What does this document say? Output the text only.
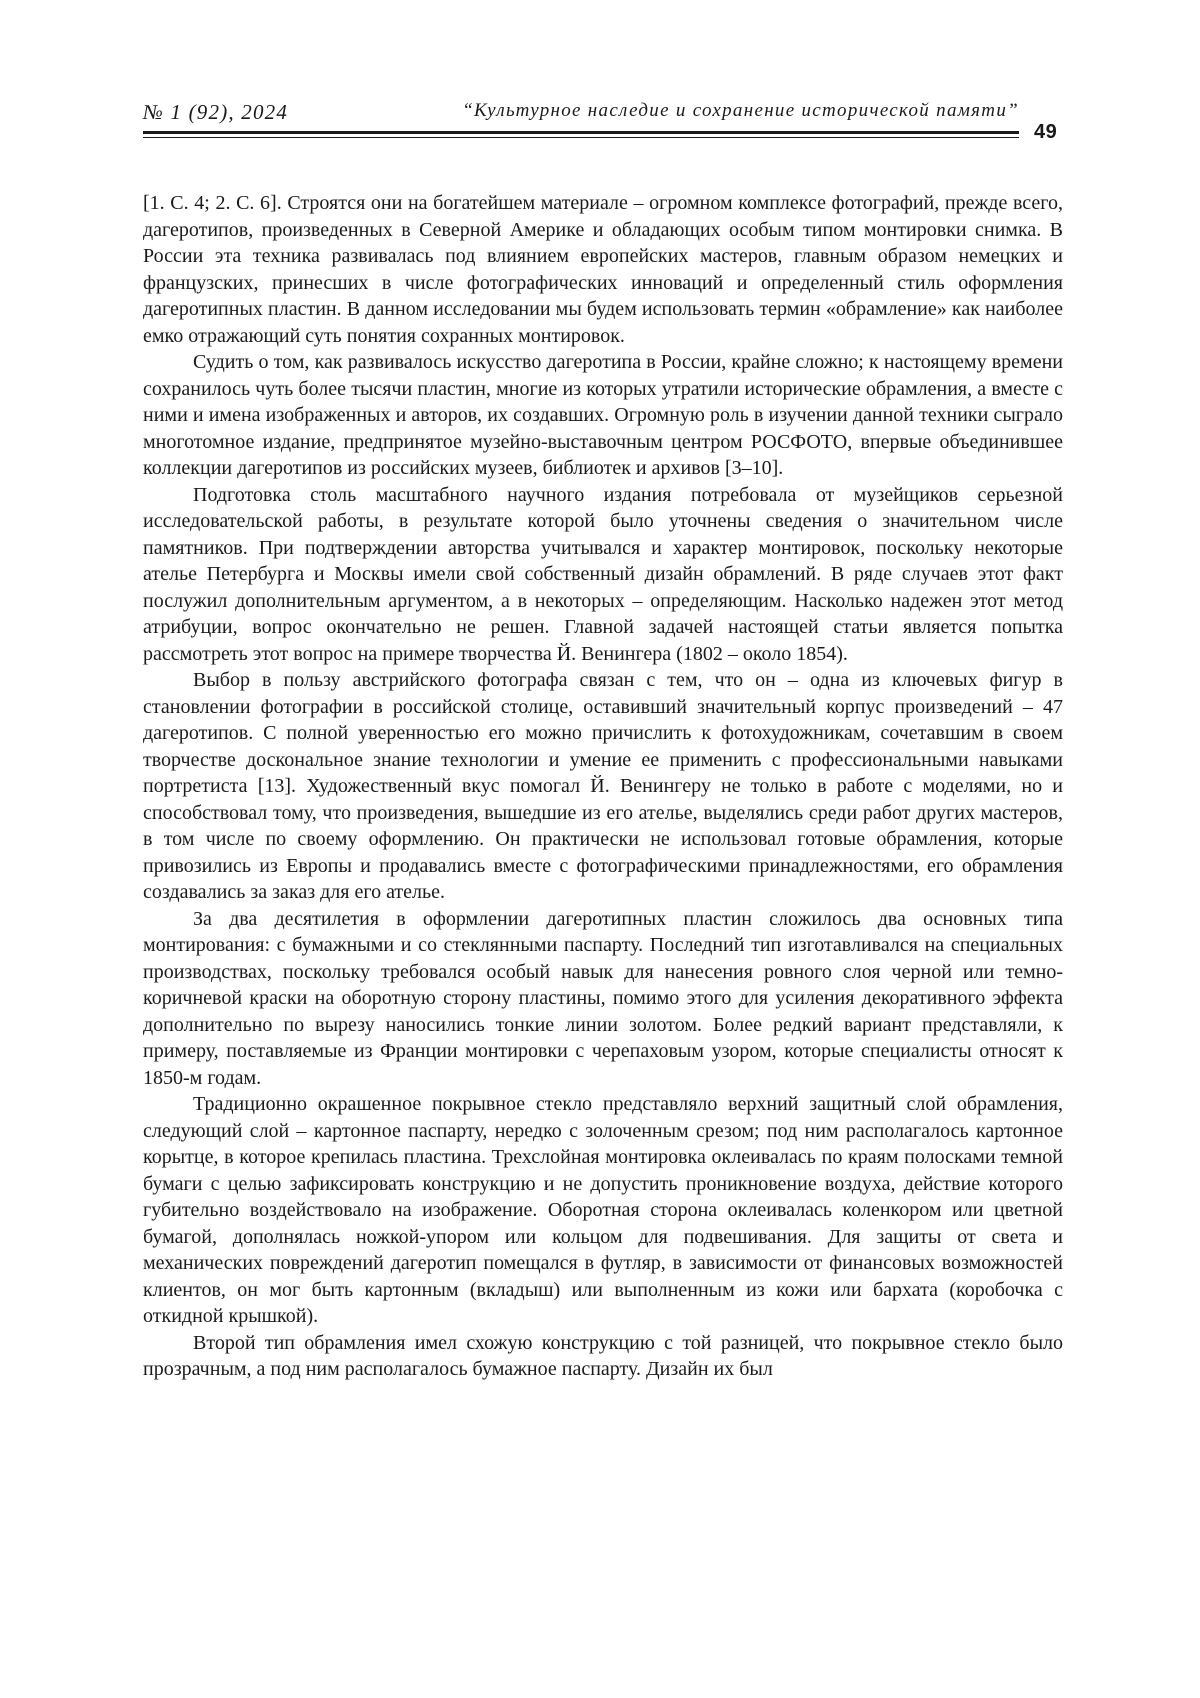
№ 1 (92), 2024	“Культурное наследие и сохранение исторической памяти”
49

[1. С. 4; 2. С. 6]. Строятся они на богатейшем материале – огромном комплексе фотографий, прежде всего, дагеротипов, произведенных в Северной Америке и обладающих особым типом монтировки снимка. В России эта техника развивалась под влиянием европейских мастеров, главным образом немецких и французских, принесших в числе фотографических инноваций и определенный стиль оформления дагеротипных пластин. В данном исследовании мы будем использовать термин «обрамление» как наиболее емко отражающий суть понятия сохранных монтировок.

Судить о том, как развивалось искусство дагеротипа в России, крайне сложно; к настоящему времени сохранилось чуть более тысячи пластин, многие из которых утратили исторические обрамления, а вместе с ними и имена изображенных и авторов, их создавших. Огромную роль в изучении данной техники сыграло многотомное издание, предпринятое музейно-выставочным центром РОСФОТО, впервые объединившее коллекции дагеротипов из российских музеев, библиотек и архивов [3–10].

Подготовка столь масштабного научного издания потребовала от музейщиков серьезной исследовательской работы, в результате которой было уточнены сведения о значительном числе памятников. При подтверждении авторства учитывался и характер монтировок, поскольку некоторые ателье Петербурга и Москвы имели свой собственный дизайн обрамлений. В ряде случаев этот факт послужил дополнительным аргументом, а в некоторых – определяющим. Насколько надежен этот метод атрибуции, вопрос окончательно не решен. Главной задачей настоящей статьи является попытка рассмотреть этот вопрос на примере творчества Й. Венингера (1802 – около 1854).

Выбор в пользу австрийского фотографа связан с тем, что он – одна из ключевых фигур в становлении фотографии в российской столице, оставивший значительный корпус произведений – 47 дагеротипов. С полной уверенностью его можно причислить к фотохудожникам, сочетавшим в своем творчестве доскональное знание технологии и умение ее применить с профессиональными навыками портретиста [13]. Художественный вкус помогал Й. Венингеру не только в работе с моделями, но и способствовал тому, что произведения, вышедшие из его ателье, выделялись среди работ других мастеров, в том числе по своему оформлению. Он практически не использовал готовые обрамления, которые привозились из Европы и продавались вместе с фотографическими принадлежностями, его обрамления создавались за заказ для его ателье.

За два десятилетия в оформлении дагеротипных пластин сложилось два основных типа монтирования: с бумажными и со стеклянными паспарту. Последний тип изготавливался на специальных производствах, поскольку требовался особый навык для нанесения ровного слоя черной или темно-коричневой краски на оборотную сторону пластины, помимо этого для усиления декоративного эффекта дополнительно по вырезу наносились тонкие линии золотом. Более редкий вариант представляли, к примеру, поставляемые из Франции монтировки с черепаховым узором, которые специалисты относят к 1850-м годам.

Традиционно окрашенное покрывное стекло представляло верхний защитный слой обрамления, следующий слой – картонное паспарту, нередко с золоченным срезом; под ним располагалось картонное корытце, в которое крепилась пластина. Трехслойная монтировка оклеивалась по краям полосками темной бумаги с целью зафиксировать конструкцию и не допустить проникновение воздуха, действие которого губительно воздействовало на изображение. Оборотная сторона оклеивалась коленкором или цветной бумагой, дополнялась ножкой-упором или кольцом для подвешивания. Для защиты от света и механических повреждений дагеротип помещался в футляр, в зависимости от финансовых возможностей клиентов, он мог быть картонным (вкладыш) или выполненным из кожи или бархата (коробочка с откидной крышкой).

Второй тип обрамления имел схожую конструкцию с той разницей, что покрывное стекло было прозрачным, а под ним располагалось бумажное паспарту. Дизайн их был
